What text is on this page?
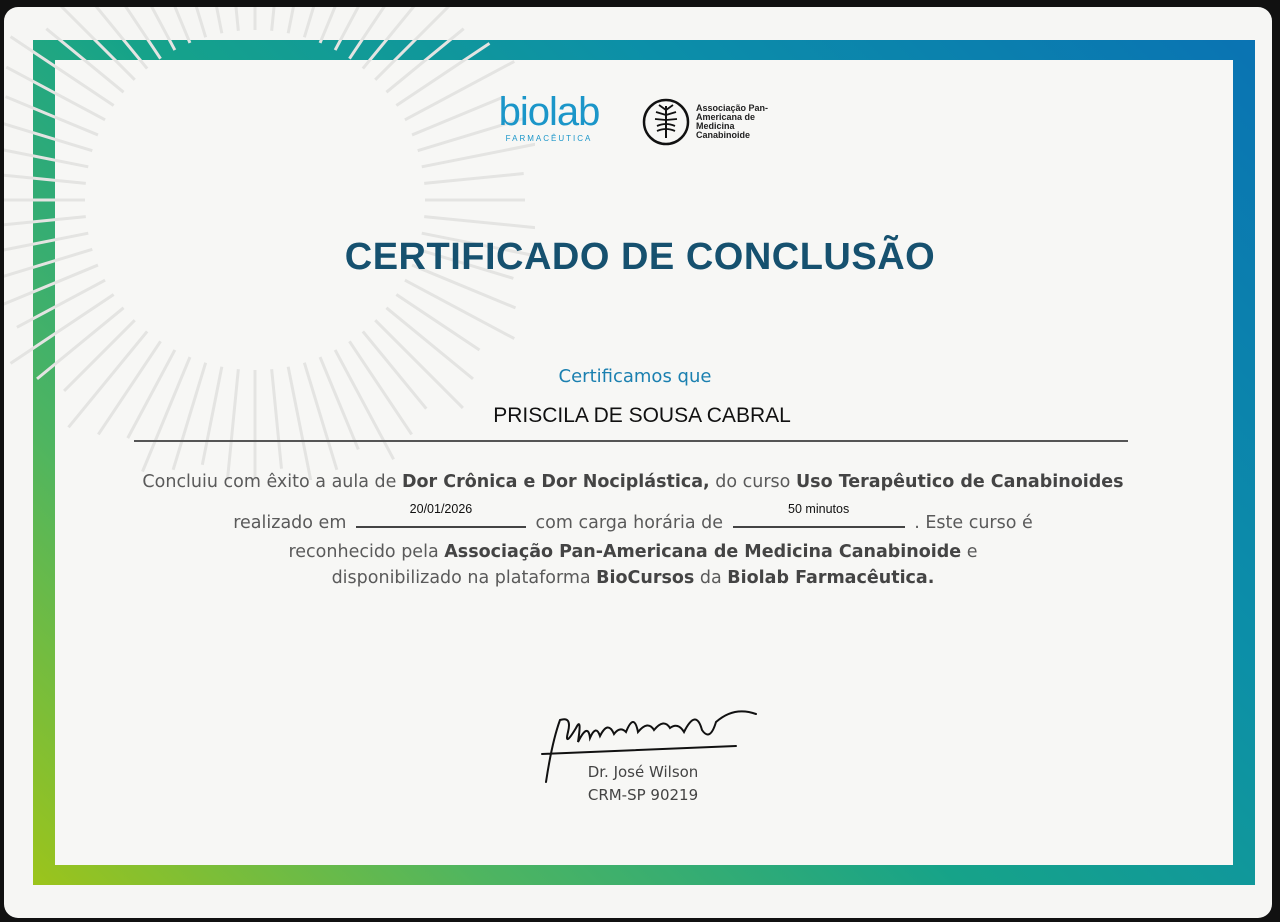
biolab
FARMACÊUTICA
Associação Pan-Americana de Medicina Canabinoide
CERTIFICADO DE CONCLUSÃO
Certificamos que
PRISCILA DE SOUSA CABRAL
Concluiu com êxito a aula de Dor Crônica e Dor Nociplástica, do curso Uso Terapêutico de Canabinoides
realizado em
20/01/2026
com carga horária de
50 minutos
. Este curso é
reconhecido pela Associação Pan-Americana de Medicina Canabinoide e
disponibilizado na plataforma BioCursos da Biolab Farmacêutica.
Dr. José Wilson
CRM-SP 90219
